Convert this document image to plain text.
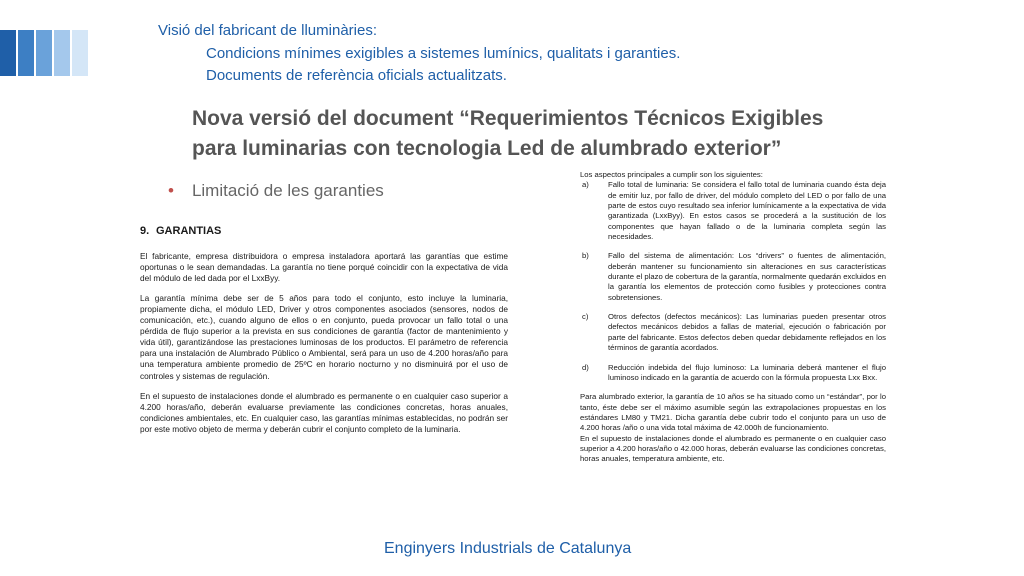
Visió del fabricant de lluminàries:
Condicions mínimes exigibles a sistemes lumínics, qualitats i garanties.
Documents de referència oficials actualitzats.
Nova versió del document “Requerimientos Técnicos Exigibles
para luminarias con tecnologia Led de alumbrado exterior”
• Limitació de les garanties
9. GARANTIAS

El fabricante, empresa distribuidora o empresa instaladora aportará las garantías que estime oportunas o le sean demandadas. La garantía no tiene porqué coincidir con la expectativa de vida del módulo de led dada por el LxxByy.

La garantía mínima debe ser de 5 años para todo el conjunto, esto incluye la luminaria, propiamente dicha, el módulo LED, Driver y otros componentes asociados (sensores, nodos de comunicación, etc.), cuando alguno de ellos o en conjunto, pueda provocar un fallo total o una pérdida de flujo superior a la prevista en sus condiciones de garantía (factor de mantenimiento y vida útil), garantizándose las prestaciones luminosas de los productos. El parámetro de referencia para una instalación de Alumbrado Público o Ambiental, será para un uso de 4.200 horas/año para una temperatura ambiente promedio de 25ºC en horario nocturno y no disminuirá por el uso de controles y sistemas de regulación.

En el supuesto de instalaciones donde el alumbrado es permanente o en cualquier caso superior a 4.200 horas/año, deberán evaluarse previamente las condiciones concretas, horas anuales, condiciones ambientales, etc. En cualquier caso, las garantías mínimas establecidas, no podrán ser por este motivo objeto de merma y deberán cubrir el conjunto completo de la luminaria.

Los aspectos principales a cumplir son los siguientes:

a)	Fallo total de luminaria: Se considera el fallo total de luminaria cuando ésta deja de emitir luz, por fallo de driver, del módulo completo del LED o por fallo de una parte de estos cuyo resultado sea inferior lumínicamente a la expectativa de vida garantizada (LxxByy). En estos casos se procederá a la sustitución de los componentes que hayan fallado o de la luminaria completa según las necesidades.
b)	Fallo del sistema de alimentación: Los “drivers” o fuentes de alimentación, deberán mantener su funcionamiento sin alteraciones en sus características durante el plazo de cobertura de la garantía, normalmente quedarán excluidos en la garantía los elementos de protección como fusibles y protecciones contra sobretensiones.
c)	Otros defectos (defectos mecánicos): Las luminarias pueden presentar otros defectos mecánicos debidos a fallas de material, ejecución o fabricación por parte del fabricante. Estos defectos deben quedar debidamente reflejados en los términos de garantía acordados.
d)	Reducción indebida del flujo luminoso: La luminaria deberá mantener el flujo luminoso indicado en la garantía de acuerdo con la fórmula propuesta Lxx Bxx.

Para alumbrado exterior, la garantía de 10 años se ha situado como un “estándar”, por lo tanto, éste debe ser el máximo asumible según las extrapolaciones propuestas en los estándares LM80 y TM21. Dicha garantía debe cubrir todo el conjunto para un uso de 4.200 horas /año o una vida total máxima de 42.000h de funcionamiento.

En el supuesto de instalaciones donde el alumbrado es permanente o en cualquier caso superior a 4.200 horas/año o 42.000 horas, deberán evaluarse las condiciones concretas, horas anuales, temperatura ambiente, etc.

Enginyers Industrials de Catalunya
